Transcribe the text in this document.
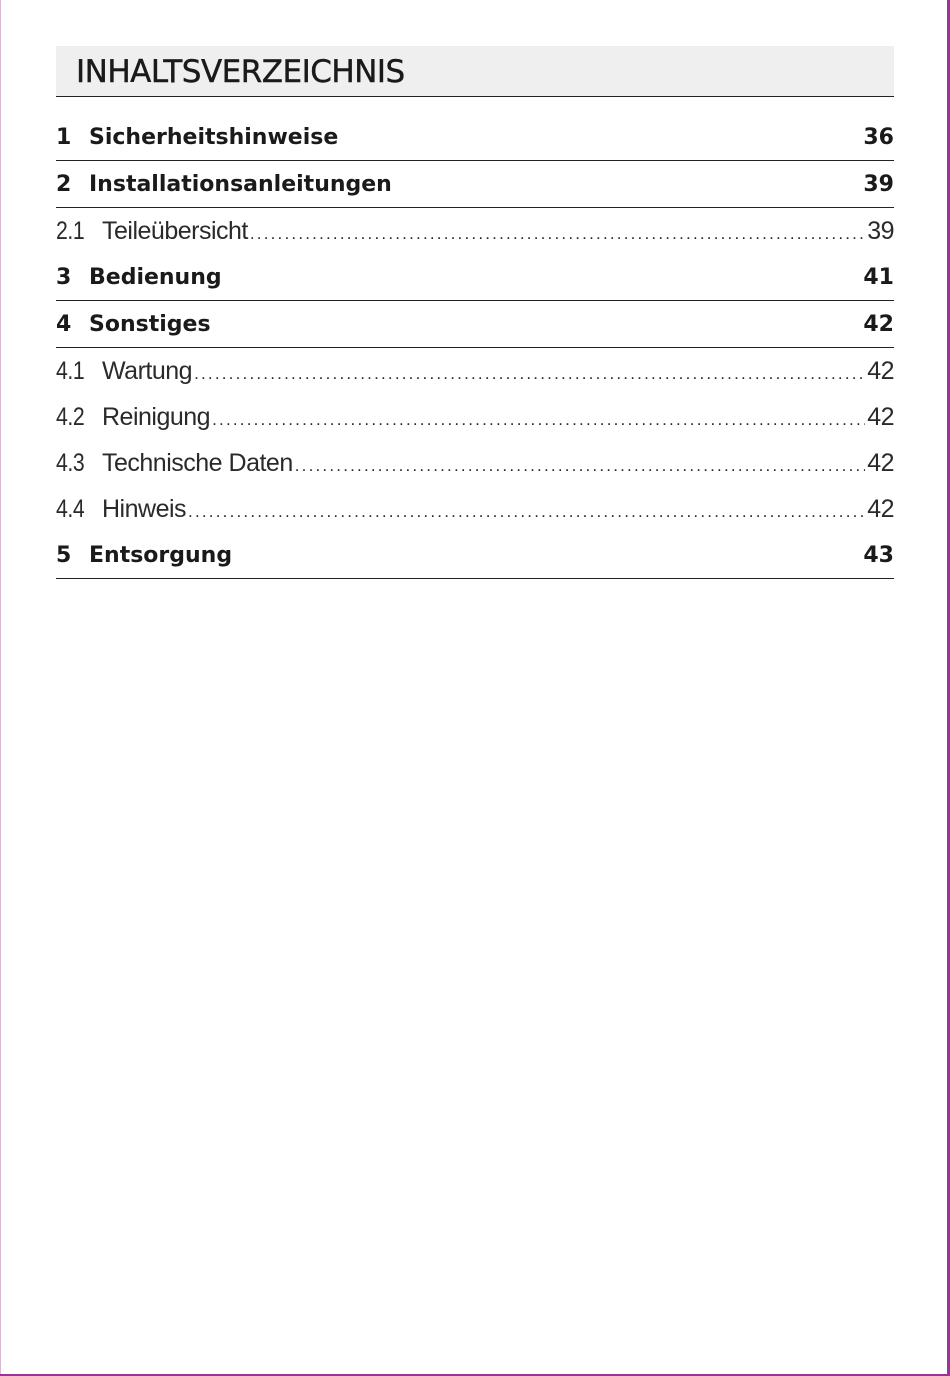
INHALTSVERZEICHNIS
1 Sicherheitshinweise	36
2 Installationsanleitungen	39
2.1 Teileübersicht .....	39
3 Bedienung	41
4 Sonstiges	42
4.1 Wartung .....	42
4.2 Reinigung .....	42
4.3 Technische Daten .....	42
4.4 Hinweis .....	42
5 Entsorgung	43
